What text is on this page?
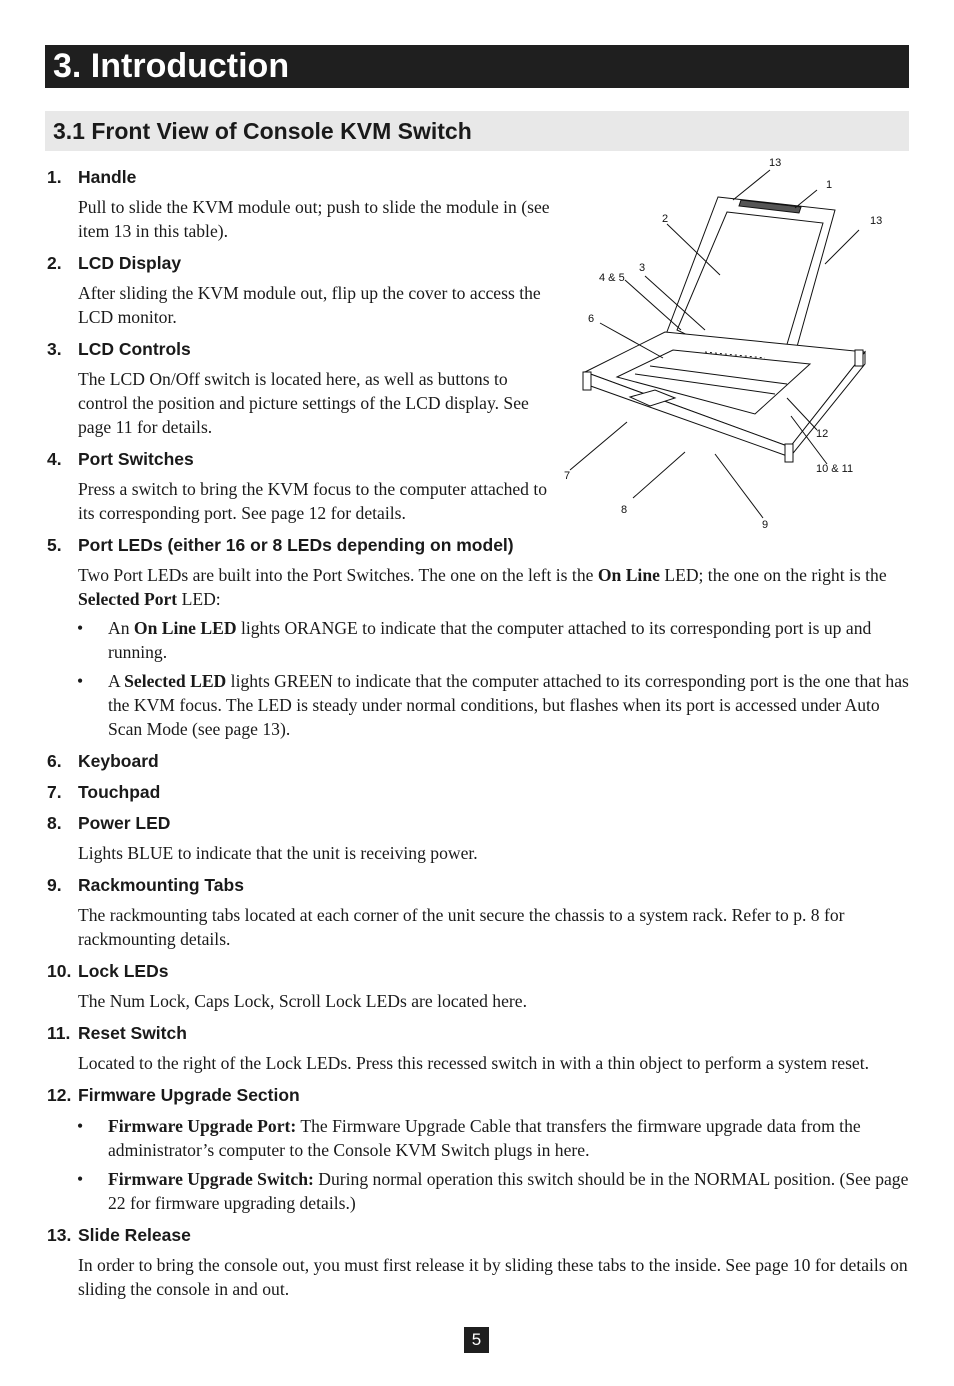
3. Introduction
3.1 Front View of Console KVM Switch
13
1
2	13
4 & 5
3
6
12
10 & 11
7
8
9
1. Handle
Pull to slide the KVM module out; push to slide the module in (see item 13 in this table).
2. LCD Display
After sliding the KVM module out, flip up the cover to access the LCD monitor.
3. LCD Controls
The LCD On/Off switch is located here, as well as buttons to control the position and picture settings of the LCD display. See page 11 for details.
4. Port Switches
Press a switch to bring the KVM focus to the computer attached to its corresponding port. See page 12 for details.
5. Port LEDs (either 16 or 8 LEDs depending on model)
Two Port LEDs are built into the Port Switches. The one on the left is the On Line LED; the one on the right is the Selected Port LED:
• An On Line LED lights ORANGE to indicate that the computer attached to its corresponding port is up and running.
• A Selected LED lights GREEN to indicate that the computer attached to its corresponding port is the one that has the KVM focus. The LED is steady under normal conditions, but flashes when its port is accessed under Auto Scan Mode (see page 13).
6. Keyboard
7. Touchpad
8. Power LED
Lights BLUE to indicate that the unit is receiving power.
9. Rackmounting Tabs
The rackmounting tabs located at each corner of the unit secure the chassis to a system rack. Refer to p. 8 for rackmounting details.
10. Lock LEDs
The Num Lock, Caps Lock, Scroll Lock LEDs are located here.
11. Reset Switch
Located to the right of the Lock LEDs. Press this recessed switch in with a thin object to perform a system reset.
12. Firmware Upgrade Section
• Firmware Upgrade Port: The Firmware Upgrade Cable that transfers the firmware upgrade data from the administrator’s computer to the Console KVM Switch plugs in here.
• Firmware Upgrade Switch: During normal operation this switch should be in the NORMAL position. (See page 22 for firmware upgrading details.)
13. Slide Release
In order to bring the console out, you must first release it by sliding these tabs to the inside. See page 10 for details on sliding the console in and out.
5
